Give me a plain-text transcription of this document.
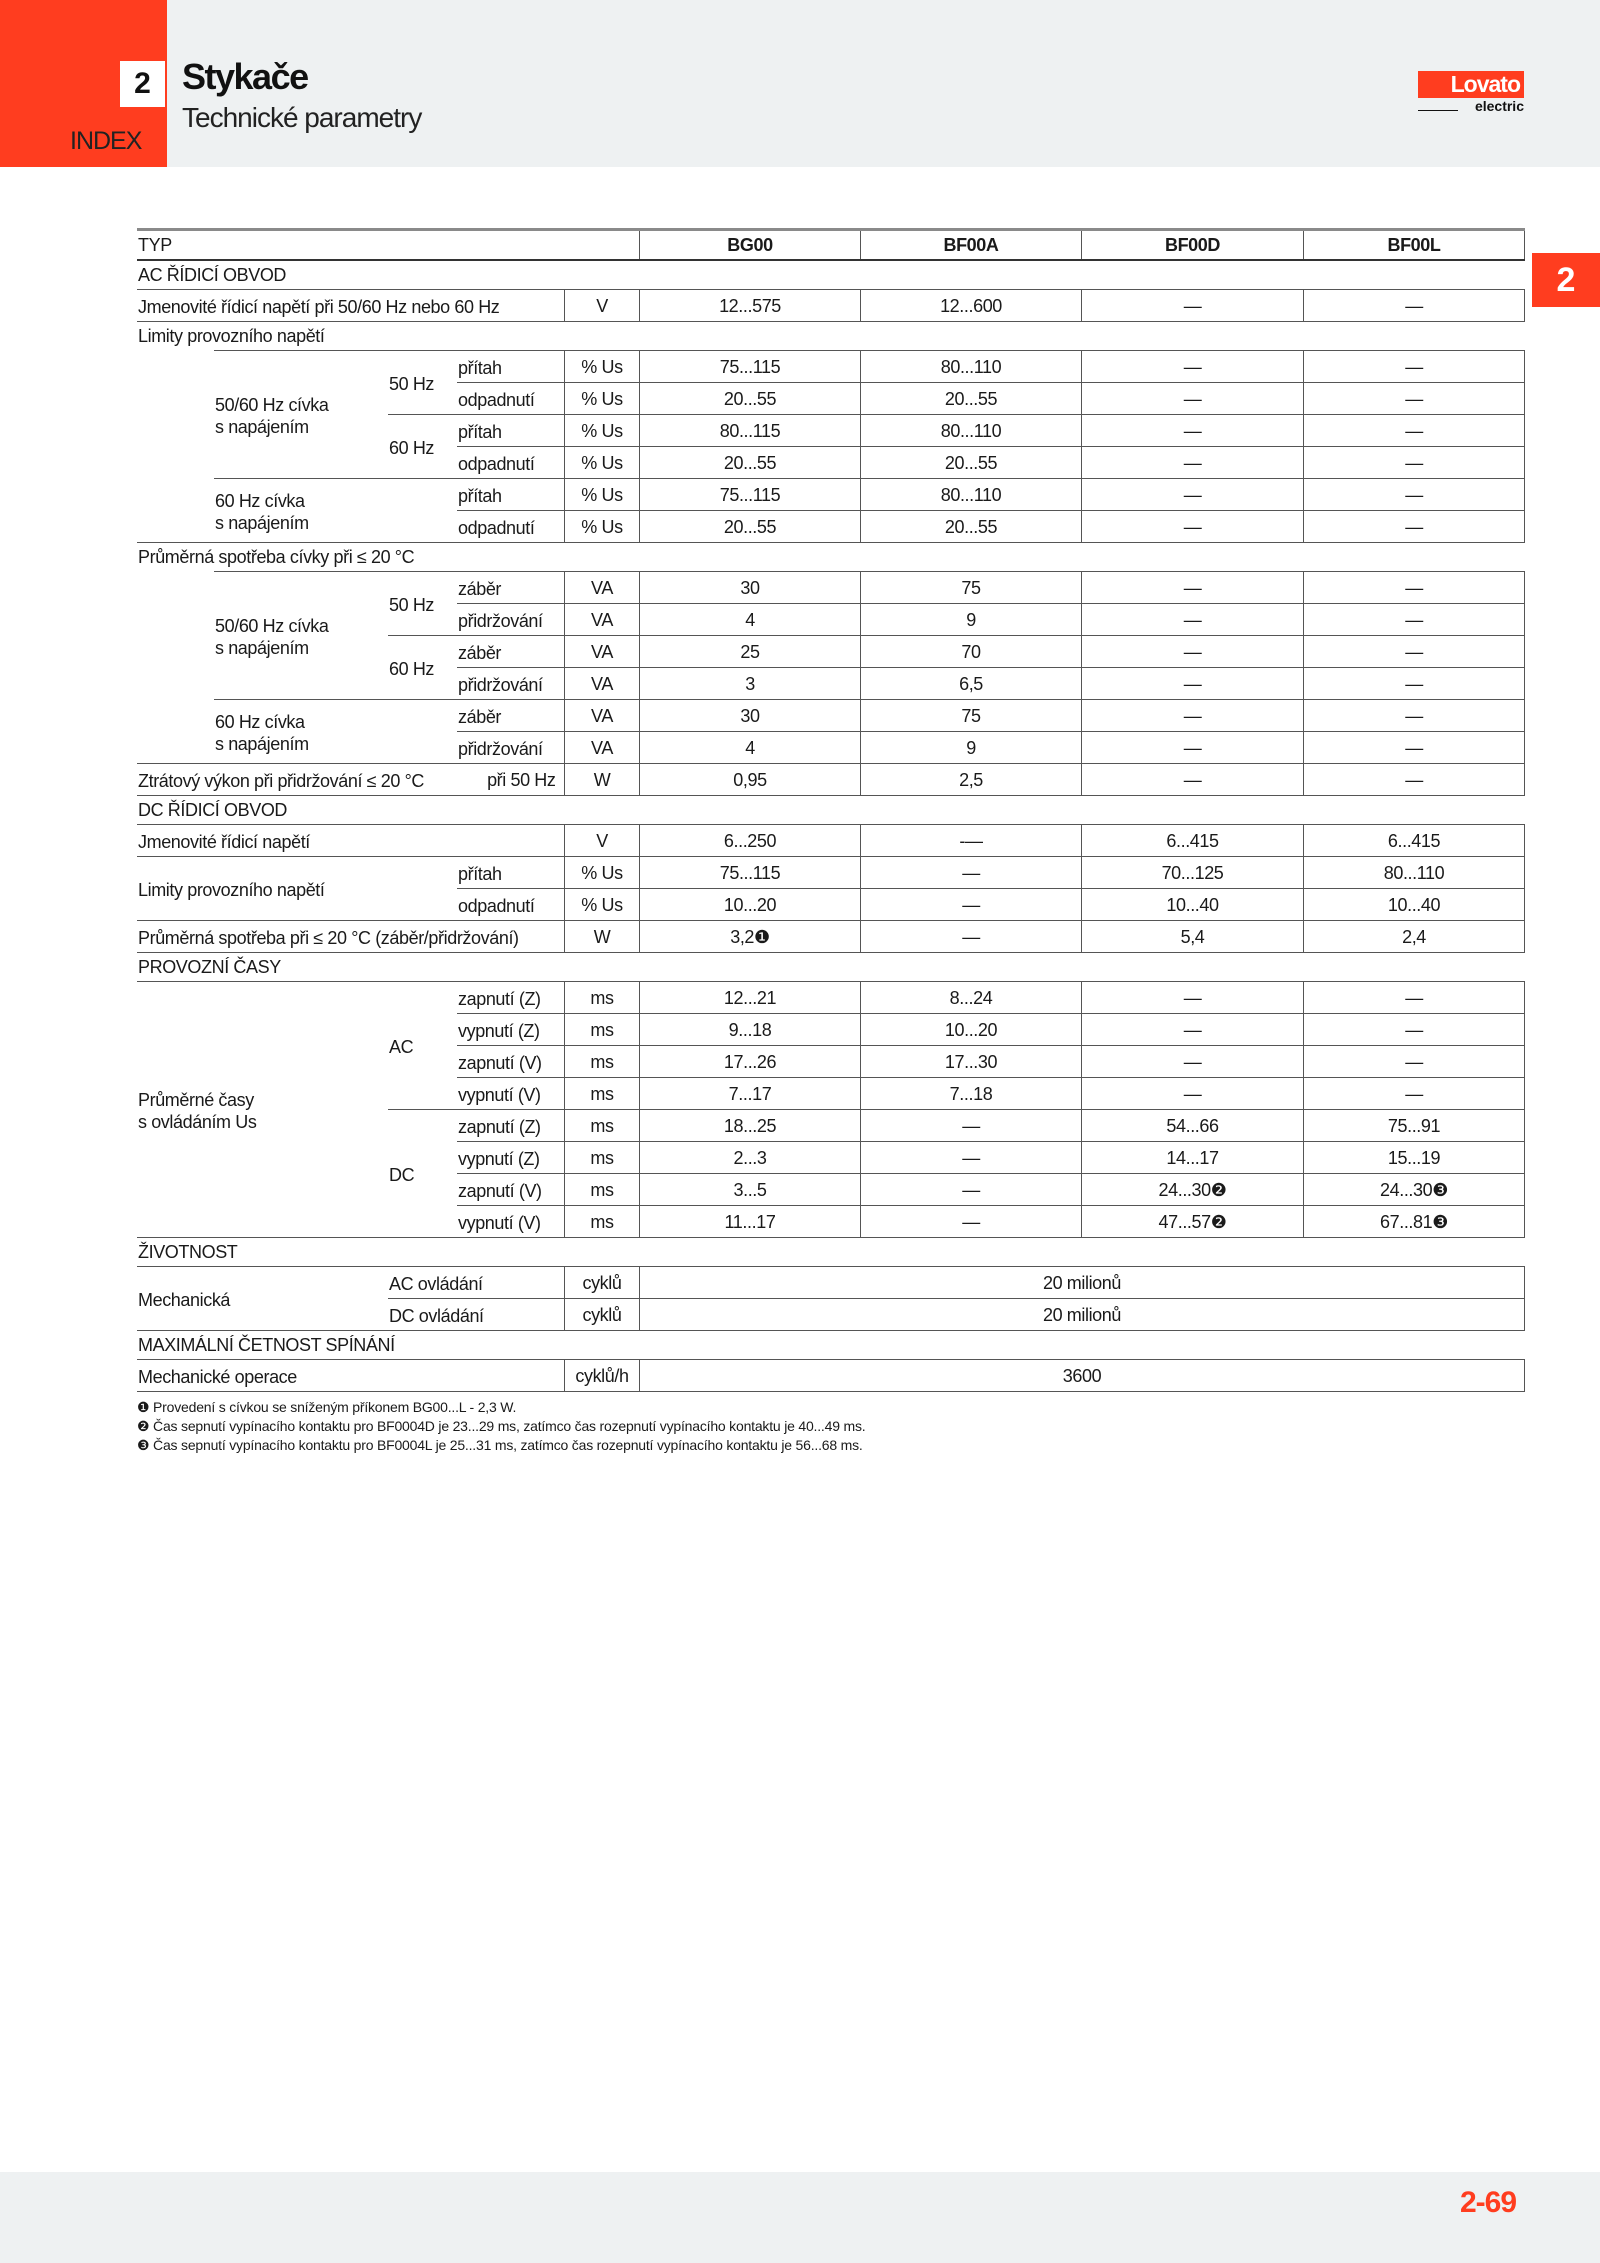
2
INDEX
Stykače
Technické parametry
Lovato
electric
2
TYP					BG00	BF00A	BF00D	BF00L
AC ŘÍDICÍ OBVOD								
Jmenovité řídicí napětí při 50/60 Hz nebo 60 Hz				V	12...575	12...600	—	—
Limity provozního napětí								
	50/60 Hz cívka
s napájením	50 Hz	přítah	% Us	75...115	80...110	—	—
			odpadnutí	% Us	20...55	20...55	—	—
		60 Hz	přítah	% Us	80...115	80...110	—	—
			odpadnutí	% Us	20...55	20...55	—	—
	60 Hz cívka
s napájením		přítah	% Us	75...115	80...110	—	—
			odpadnutí	% Us	20...55	20...55	—	—
Průměrná spotřeba cívky při ≤ 20 °C								
	50/60 Hz cívka
s napájením	50 Hz	záběr	VA	30	75	—	—
			přidržování	VA	4	9	—	—
		60 Hz	záběr	VA	25	70	—	—
			přidržování	VA	3	6,5	—	—
	60 Hz cívka
s napájením		záběr	VA	30	75	—	—
			přidržování	VA	4	9	—	—
Ztrátový výkon při přidržování ≤ 20 °C			při 50 Hz	W	0,95	2,5	—	—
DC ŘÍDICÍ OBVOD								
Jmenovité řídicí napětí				V	6...250	-—	6...415	6...415
Limity provozního napětí			přítah	% Us	75...115	—	70...125	80...110
			odpadnutí	% Us	10...20	—	10...40	10...40
Průměrná spotřeba při ≤ 20 °C (záběr/přidržování)				W	3,2❶	—	5,4	2,4
PROVOZNÍ ČASY								
Průměrné časy
s ovládáním Us		AC	zapnutí (Z)	ms	12...21	8...24	—	—
			vypnutí (Z)	ms	9...18	10...20	—	—
			zapnutí (V)	ms	17...26	17...30	—	—
			vypnutí (V)	ms	7...17	7...18	—	—
		DC	zapnutí (Z)	ms	18...25	—	54...66	75...91
			vypnutí (Z)	ms	2...3	—	14...17	15...19
			zapnutí (V)	ms	3...5	—	24...30❷	24...30❸
			vypnutí (V)	ms	11...17	—	47...57❷	67...81❸
ŽIVOTNOST								
Mechanická		AC ovládání		cyklů	20 milionů			
		DC ovládání		cyklů	20 milionů			
MAXIMÁLNÍ ČETNOST SPÍNÁNÍ								
Mechanické operace				cyklů/h	3600			
❶ Provedení s cívkou se sníženým příkonem BG00...L - 2,3 W.
❷ Čas sepnutí vypínacího kontaktu pro BF0004D je 23...29 ms, zatímco čas rozepnutí vypínacího kontaktu je 40...49 ms.
❸ Čas sepnutí vypínacího kontaktu pro BF0004L je 25...31 ms, zatímco čas rozepnutí vypínacího kontaktu je 56...68 ms.
2-69
